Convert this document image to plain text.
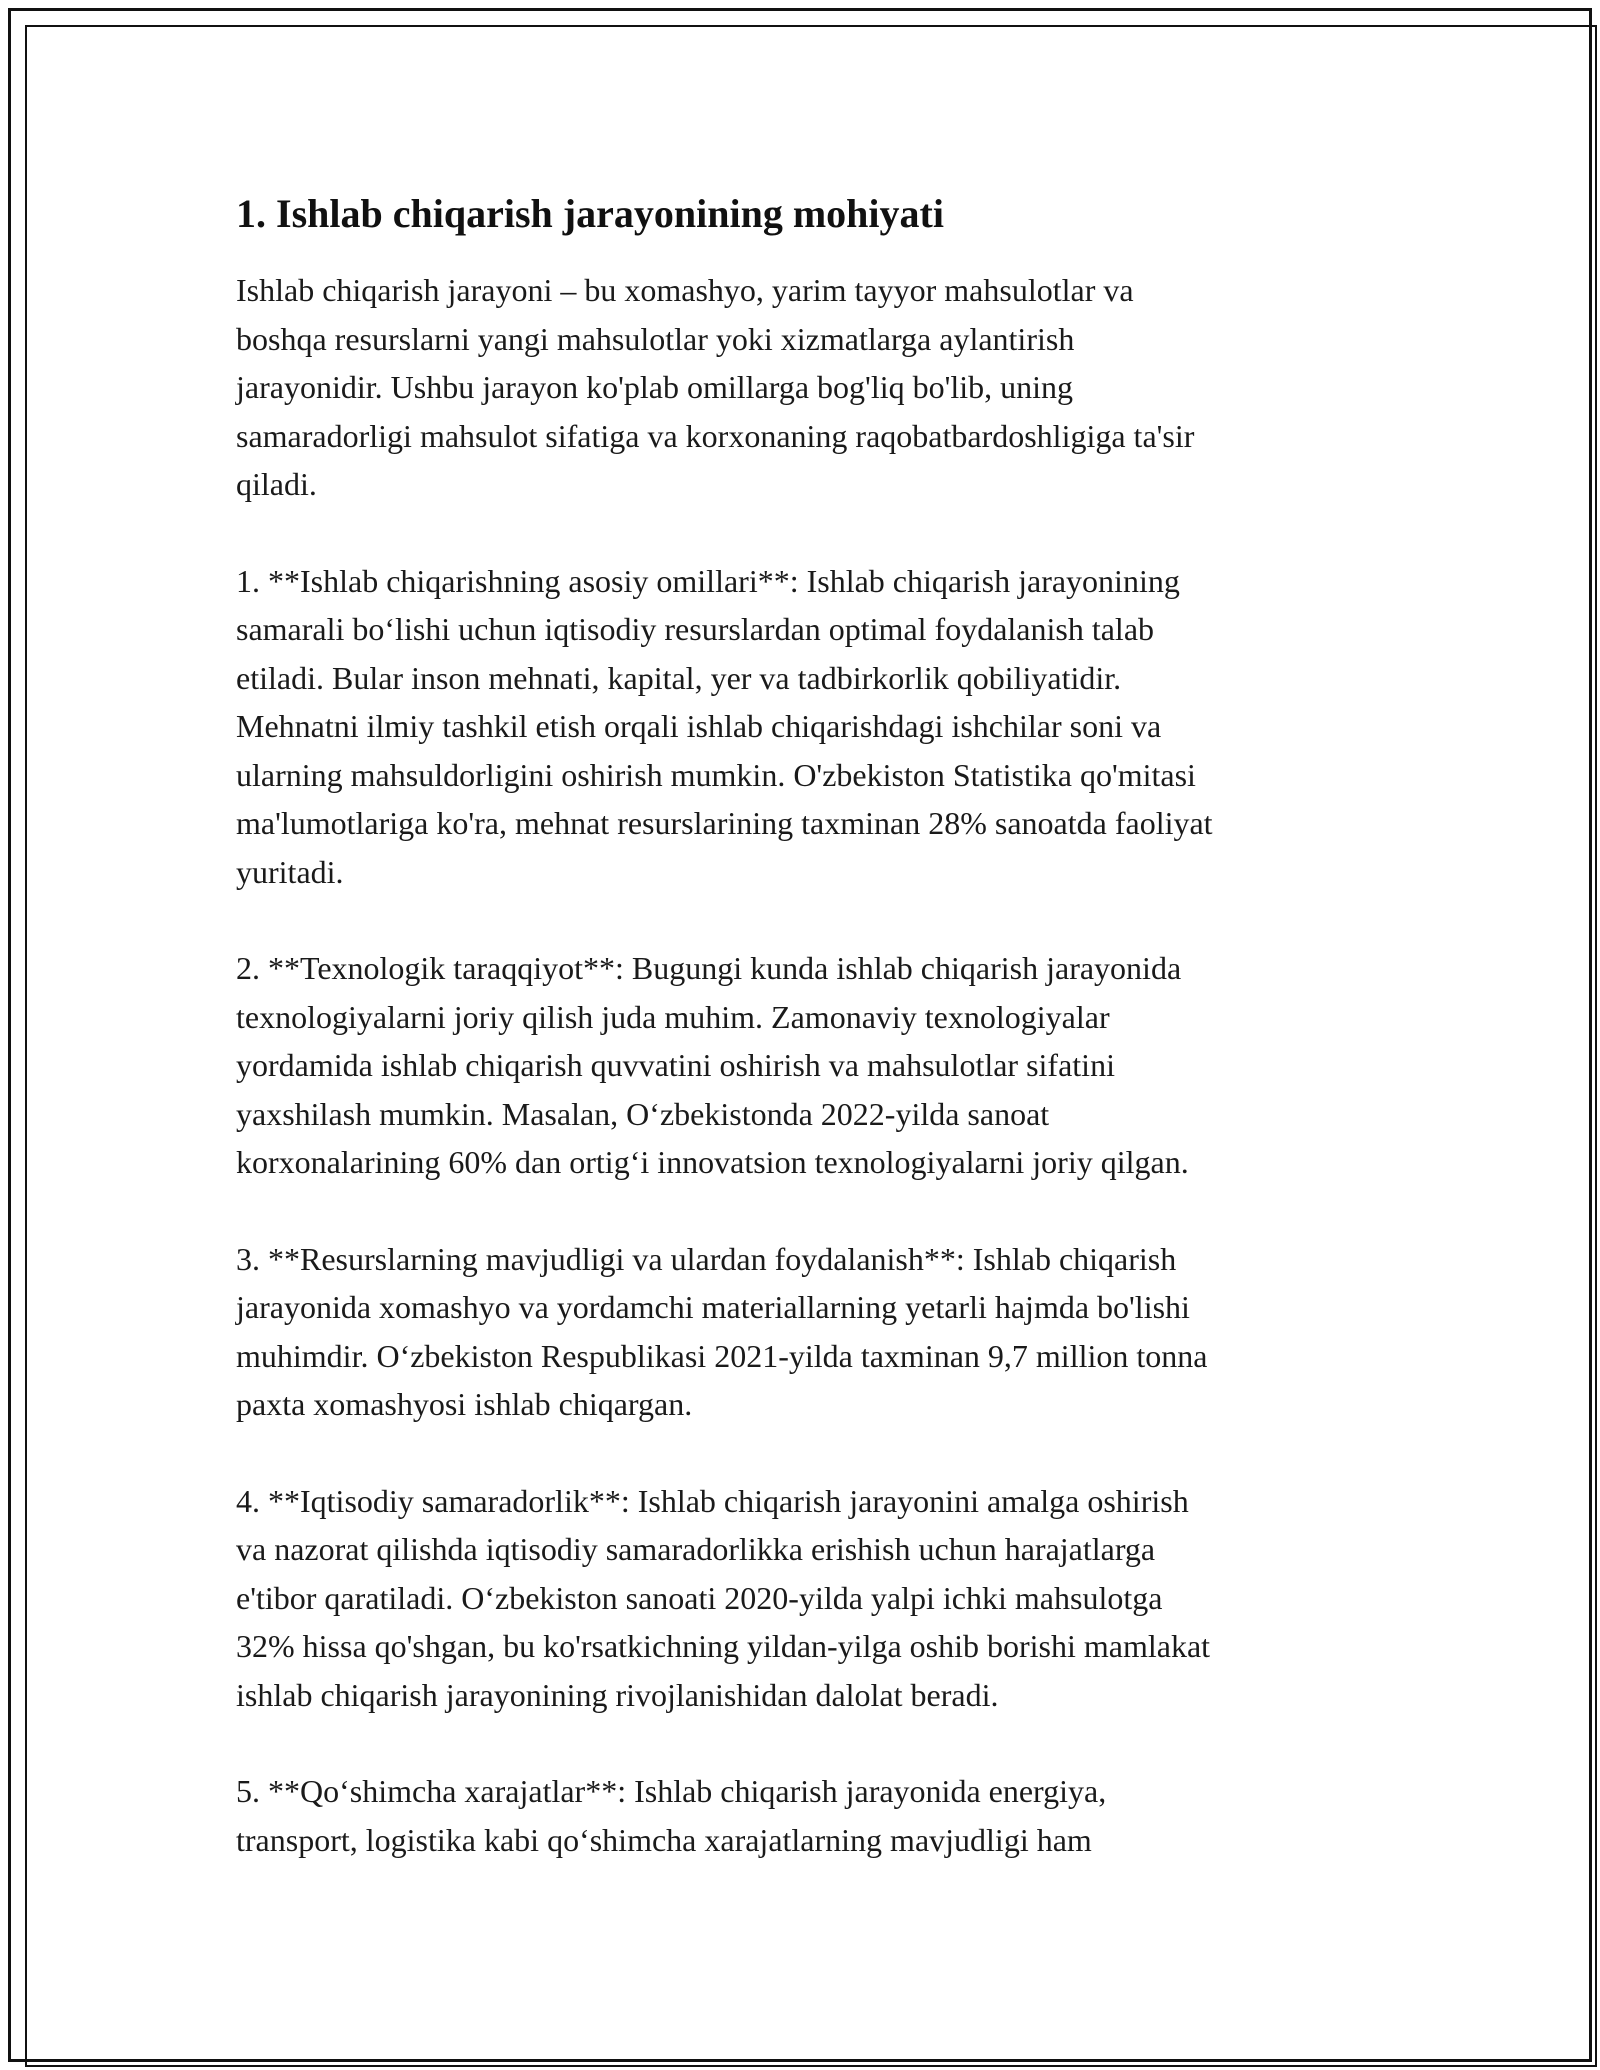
1. Ishlab chiqarish jarayonining mohiyati

Ishlab chiqarish jarayoni – bu xomashyo, yarim tayyor mahsulotlar va
boshqa resurslarni yangi mahsulotlar yoki xizmatlarga aylantirish
jarayonidir. Ushbu jarayon ko'plab omillarga bog'liq bo'lib, uning
samaradorligi mahsulot sifatiga va korxonaning raqobatbardoshligiga ta'sir
qiladi.

1. **Ishlab chiqarishning asosiy omillari**: Ishlab chiqarish jarayonining
samarali bo‘lishi uchun iqtisodiy resurslardan optimal foydalanish talab
etiladi. Bular inson mehnati, kapital, yer va tadbirkorlik qobiliyatidir.
Mehnatni ilmiy tashkil etish orqali ishlab chiqarishdagi ishchilar soni va
ularning mahsuldorligini oshirish mumkin. O'zbekiston Statistika qo'mitasi
ma'lumotlariga ko'ra, mehnat resurslarining taxminan 28% sanoatda faoliyat
yuritadi.

2. **Texnologik taraqqiyot**: Bugungi kunda ishlab chiqarish jarayonida
texnologiyalarni joriy qilish juda muhim. Zamonaviy texnologiyalar
yordamida ishlab chiqarish quvvatini oshirish va mahsulotlar sifatini
yaxshilash mumkin. Masalan, O‘zbekistonda 2022-yilda sanoat
korxonalarining 60% dan ortig‘i innovatsion texnologiyalarni joriy qilgan.

3. **Resurslarning mavjudligi va ulardan foydalanish**: Ishlab chiqarish
jarayonida xomashyo va yordamchi materiallarning yetarli hajmda bo'lishi
muhimdir. O‘zbekiston Respublikasi 2021-yilda taxminan 9,7 million tonna
paxta xomashyosi ishlab chiqargan.

4. **Iqtisodiy samaradorlik**: Ishlab chiqarish jarayonini amalga oshirish
va nazorat qilishda iqtisodiy samaradorlikka erishish uchun harajatlarga
e'tibor qaratiladi. O‘zbekiston sanoati 2020-yilda yalpi ichki mahsulotga
32% hissa qo'shgan, bu ko'rsatkichning yildan-yilga oshib borishi mamlakat
ishlab chiqarish jarayonining rivojlanishidan dalolat beradi.

5. **Qo‘shimcha xarajatlar**: Ishlab chiqarish jarayonida energiya,
transport, logistika kabi qo‘shimcha xarajatlarning mavjudligi ham
